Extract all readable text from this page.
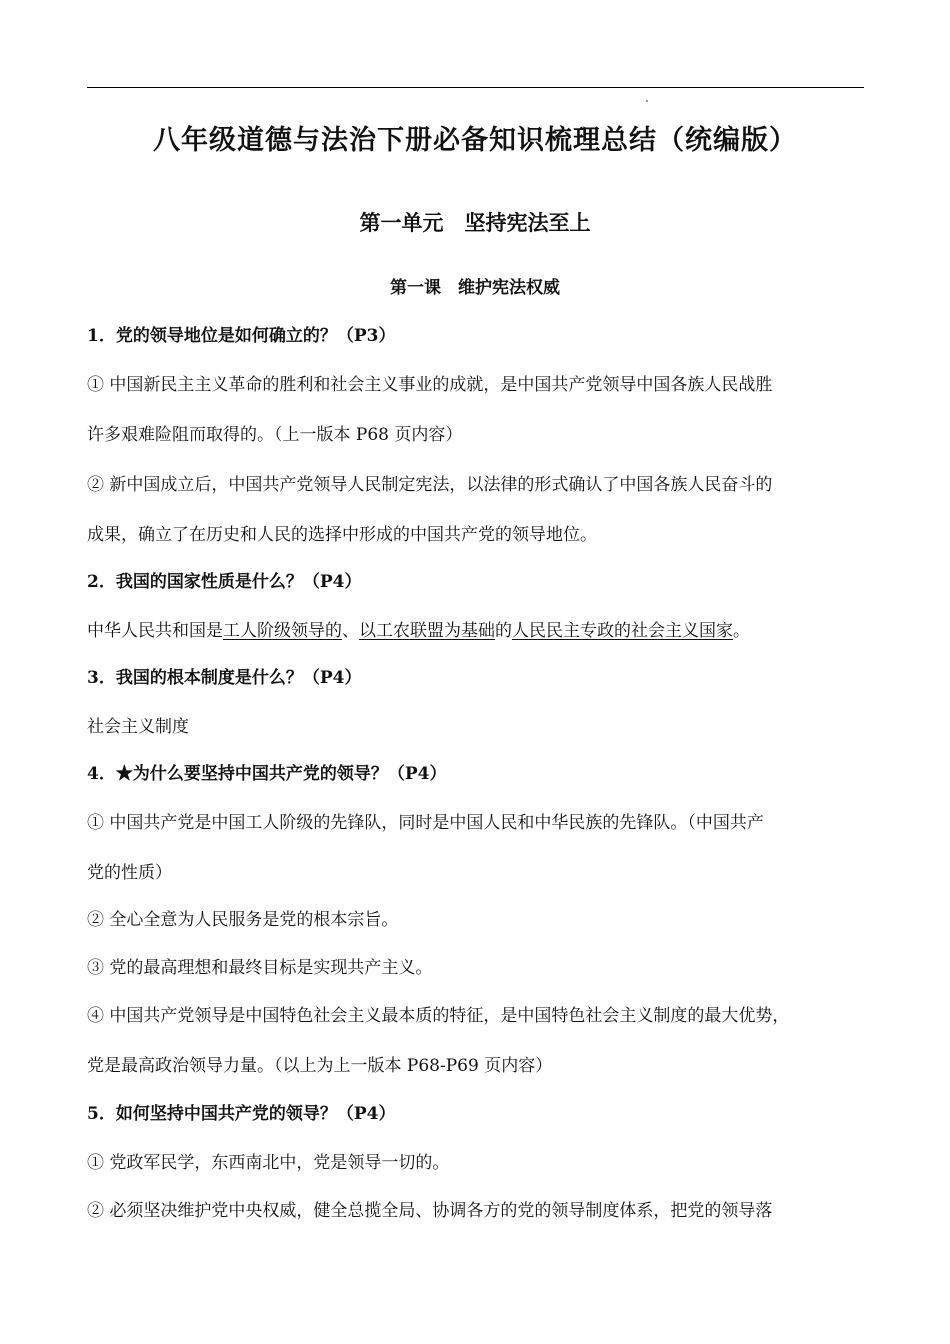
八年级道德与法治下册必备知识梳理总结（统编版）
第一单元　坚持宪法至上
第一课　维护宪法权威
1．党的领导地位是如何确立的？（P3）
① 中国新民主主义革命的胜利和社会主义事业的成就，是中国共产党领导中国各族人民战胜
许多艰难险阻而取得的。（上一版本 P68 页内容）
② 新中国成立后，中国共产党领导人民制定宪法，以法律的形式确认了中国各族人民奋斗的
成果，确立了在历史和人民的选择中形成的中国共产党的领导地位。
2．我国的国家性质是什么？（P4）
中华人民共和国是工人阶级领导的、以工农联盟为基础的人民民主专政的社会主义国家。
3．我国的根本制度是什么？（P4）
社会主义制度
4．★为什么要坚持中国共产党的领导？（P4）
① 中国共产党是中国工人阶级的先锋队，同时是中国人民和中华民族的先锋队。（中国共产
党的性质）
② 全心全意为人民服务是党的根本宗旨。
③ 党的最高理想和最终目标是实现共产主义。
④ 中国共产党领导是中国特色社会主义最本质的特征，是中国特色社会主义制度的最大优势，
党是最高政治领导力量。（以上为上一版本 P68-P69 页内容）
5．如何坚持中国共产党的领导？（P4）
① 党政军民学，东西南北中，党是领导一切的。
② 必须坚决维护党中央权威，健全总揽全局、协调各方的党的领导制度体系，把党的领导落
